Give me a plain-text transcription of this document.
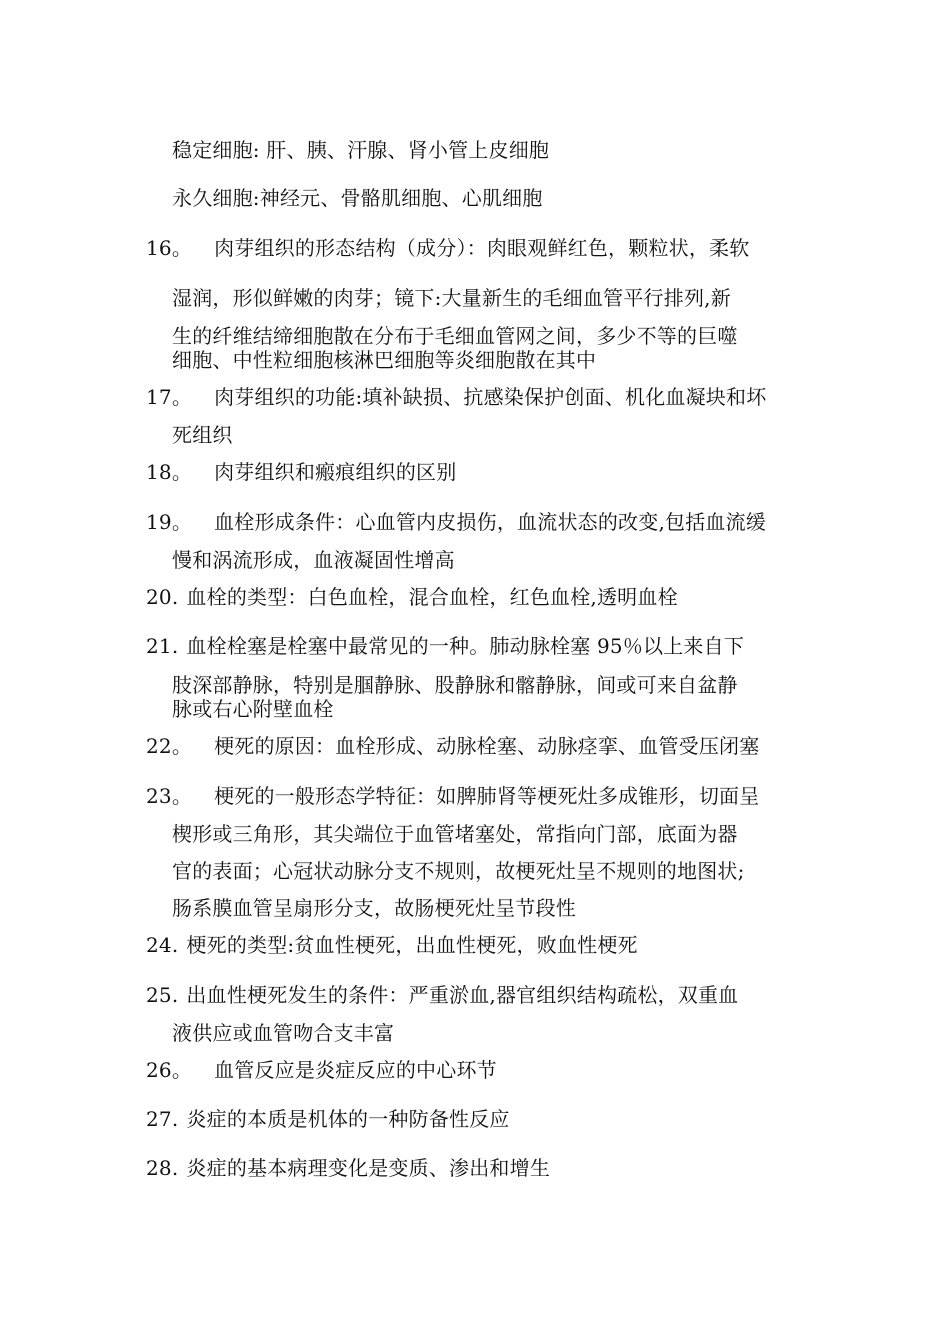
稳定细胞: 肝、胰、汗腺、肾小管上皮细胞
永久细胞:神经元、骨骼肌细胞、心肌细胞
16。 肉芽组织的形态结构（成分）：肉眼观鲜红色，颗粒状，柔软
湿润，形似鲜嫩的肉芽；镜下:大量新生的毛细血管平行排列,新
生的纤维结缔细胞散在分布于毛细血管网之间，多少不等的巨噬
细胞、中性粒细胞核淋巴细胞等炎细胞散在其中
17。 肉芽组织的功能:填补缺损、抗感染保护创面、机化血凝块和坏
死组织
18。 肉芽组织和瘢痕组织的区别
19。 血栓形成条件：心血管内皮损伤，血流状态的改变,包括血流缓
慢和涡流形成，血液凝固性增高
20. 血栓的类型：白色血栓，混合血栓，红色血栓,透明血栓
21. 血栓栓塞是栓塞中最常见的一种。肺动脉栓塞 95％以上来自下
肢深部静脉，特别是腘静脉、股静脉和髂静脉，间或可来自盆静
脉或右心附壁血栓
22。 梗死的原因：血栓形成、动脉栓塞、动脉痉挛、血管受压闭塞
23。 梗死的一般形态学特征：如脾肺肾等梗死灶多成锥形，切面呈
楔形或三角形，其尖端位于血管堵塞处，常指向门部，底面为器
官的表面；心冠状动脉分支不规则，故梗死灶呈不规则的地图状;
肠系膜血管呈扇形分支，故肠梗死灶呈节段性
24. 梗死的类型:贫血性梗死，出血性梗死，败血性梗死
25. 出血性梗死发生的条件：严重淤血,器官组织结构疏松，双重血
液供应或血管吻合支丰富
26。 血管反应是炎症反应的中心环节
27. 炎症的本质是机体的一种防备性反应
28. 炎症的基本病理变化是变质、渗出和增生
